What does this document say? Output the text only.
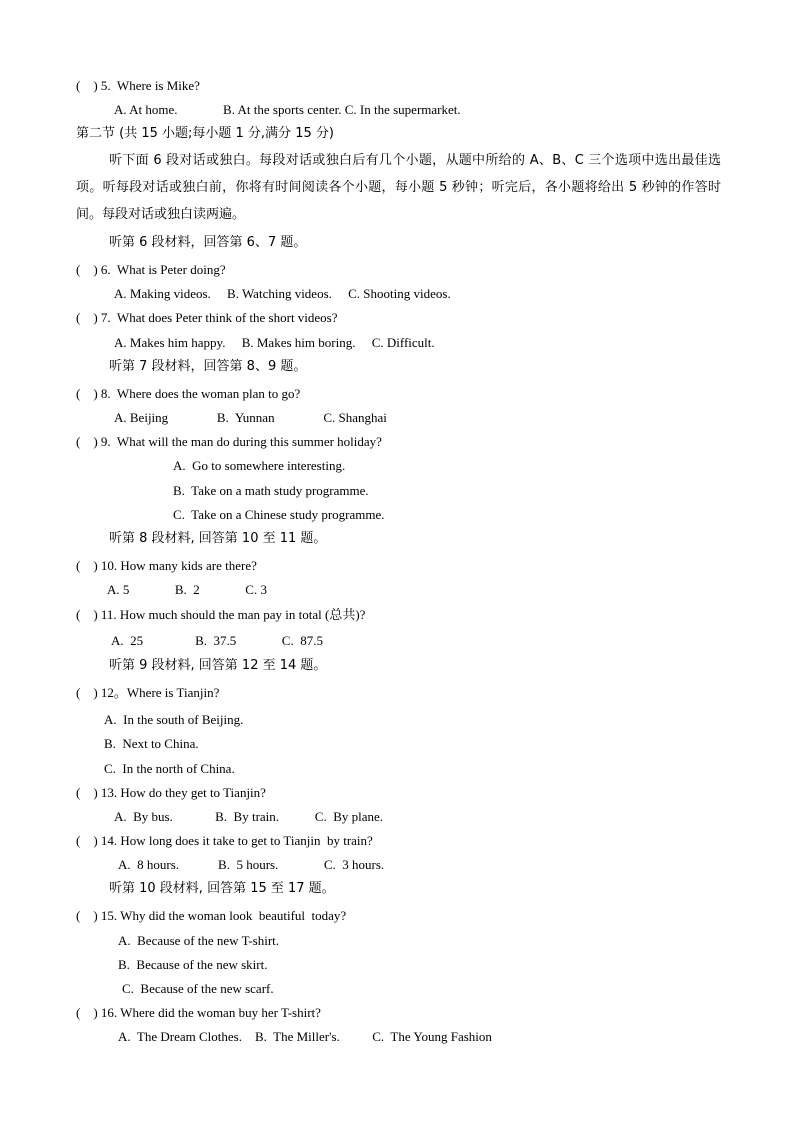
(    ) 5.  Where is Mike?
A. At home.              B. At the sports center. C. In the supermarket.
第二节 (共 15 小题;每小题 1 分,满分 15 分)
听下面 6 段对话或独白。每段对话或独白后有几个小题，从题中所给的 A、B、C 三个选项中选出最佳选项。听每段对话或独白前，你将有时间阅读各个小题，每小题 5 秒钟；听完后，各小题将给出 5 秒钟的作答时间。每段对话或独白读两遍。
听第 6 段材料，回答第 6、7 题。
(    ) 6.  What is Peter doing?
A. Making videos.     B. Watching videos.     C. Shooting videos.
(    ) 7.  What does Peter think of the short videos?
A. Makes him happy.     B. Makes him boring.     C. Difficult.
听第 7 段材料，回答第 8、9 题。
(    ) 8.  Where does the woman plan to go?
A. Beijing               B.  Yunnan               C. Shanghai
(    ) 9.  What will the man do during this summer holiday?
A.  Go to somewhere interesting.
B.  Take on a math study programme.
C.  Take on a Chinese study programme.
听第 8 段材料, 回答第 10 至 11 题。
(    ) 10. How many kids are there?
A. 5              B.  2              C. 3
(    ) 11. How much should the man pay in total (总共)?
A.  25                B.  37.5              C.  87.5
听第 9 段材料, 回答第 12 至 14 题。
(    ) 12。Where is Tianjin?
A.  In the south of Beijing.
B.  Next to China.
C.  In the north of China.
(    ) 13. How do they get to Tianjin?
A.  By bus.             B.  By train.           C.  By plane.
(    ) 14. How long does it take to get to Tianjin  by train?
A.  8 hours.            B.  5 hours.              C.  3 hours.
听第 10 段材料, 回答第 15 至 17 题。
(    ) 15. Why did the woman look  beautiful  today?
A.  Because of the new T-shirt.
B.  Because of the new skirt.
C.  Because of the new scarf.
(    ) 16. Where did the woman buy her T-shirt?
A.  The Dream Clothes.    B.  The Miller's.          C.  The Young Fashion
